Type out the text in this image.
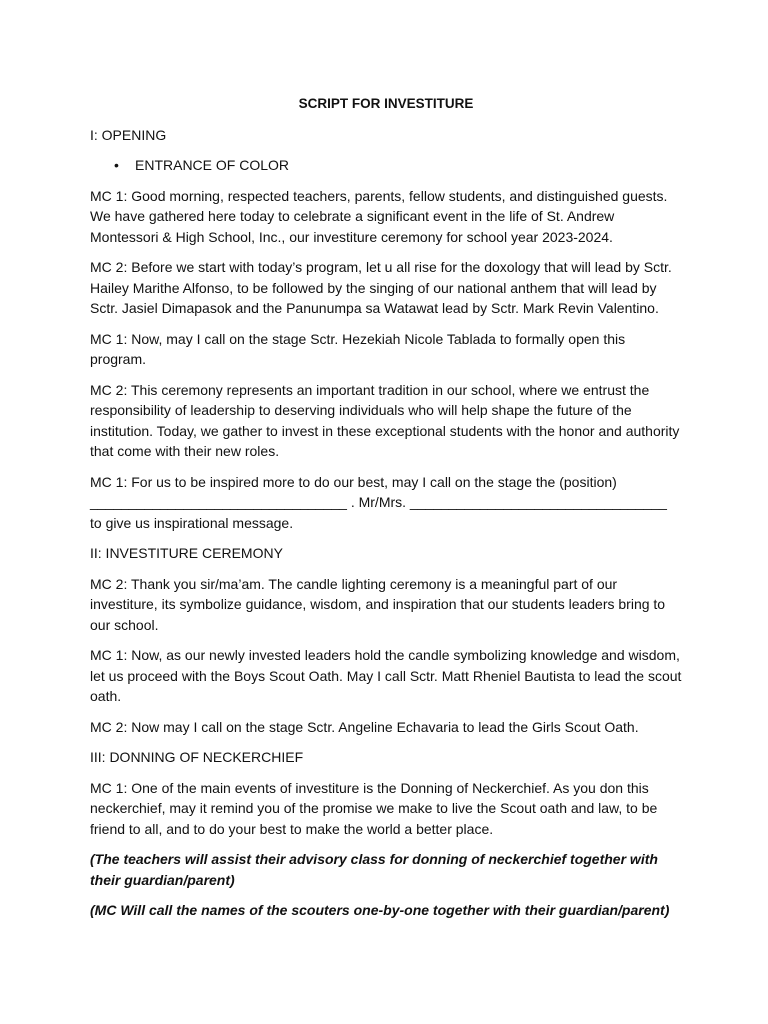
SCRIPT FOR INVESTITURE
I: OPENING
• ENTRANCE OF COLOR

MC 1: Good morning, respected teachers, parents, fellow students, and distinguished guests. We have gathered here today to celebrate a significant event in the life of St. Andrew Montessori & High School, Inc., our investiture ceremony for school year 2023-2024.

MC 2: Before we start with today’s program, let u all rise for the doxology that will lead by Sctr. Hailey Marithe Alfonso, to be followed by the singing of our national anthem that will lead by Sctr. Jasiel Dimapasok and the Panunumpa sa Watawat lead by Sctr. Mark Revin Valentino.

MC 1: Now, may I call on the stage Sctr. Hezekiah Nicole Tablada to formally open this program.

MC 2: This ceremony represents an important tradition in our school, where we entrust the responsibility of leadership to deserving individuals who will help shape the future of the institution. Today, we gather to invest in these exceptional students with the honor and authority that come with their new roles.

MC 1: For us to be inspired more to do our best, may I call on the stage the (position) _________________________________ . Mr/Mrs. _________________________________ to give us inspirational message.

II: INVESTITURE CEREMONY

MC 2: Thank you sir/ma’am. The candle lighting ceremony is a meaningful part of our investiture, its symbolize guidance, wisdom, and inspiration that our students leaders bring to our school.

MC 1: Now, as our newly invested leaders hold the candle symbolizing knowledge and wisdom, let us proceed with the Boys Scout Oath. May I call Sctr. Matt Rheniel Bautista to lead the scout oath.

MC 2: Now may I call on the stage Sctr. Angeline Echavaria to lead the Girls Scout Oath.

III: DONNING OF NECKERCHIEF

MC 1: One of the main events of investiture is the Donning of Neckerchief. As you don this neckerchief, may it remind you of the promise we make to live the Scout oath and law, to be friend to all, and to do your best to make the world a better place.

(The teachers will assist their advisory class for donning of neckerchief together with their guardian/parent)

(MC Will call the names of the scouters one-by-one together with their guardian/parent)
